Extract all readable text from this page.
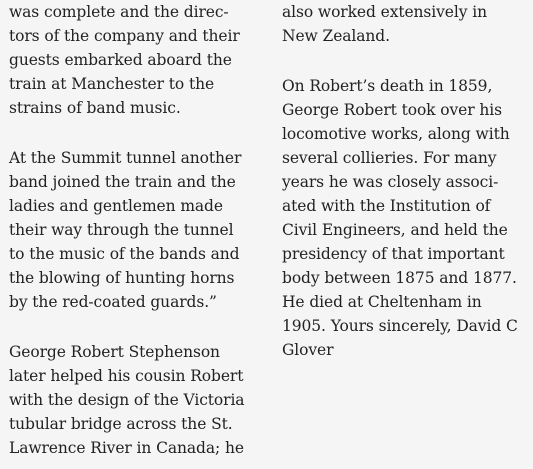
was complete and the direc-
tors of the company and their
guests embarked aboard the
train at Manchester to the
strains of band music.
At the Summit tunnel another
band joined the train and the
ladies and gentlemen made
their way through the tunnel
to the music of the bands and
the blowing of hunting horns
by the red-coated guards.”
George Robert Stephenson
later helped his cousin Robert
with the design of the Victoria
tubular bridge across the St.
Lawrence River in Canada; he
also worked extensively in
New Zealand.
On Robert’s death in 1859,
George Robert took over his
locomotive works, along with
several collieries. For many
years he was closely associ-
ated with the Institution of
Civil Engineers, and held the
presidency of that important
body between 1875 and 1877.
He died at Cheltenham in
1905. Yours sincerely, David C
Glover
